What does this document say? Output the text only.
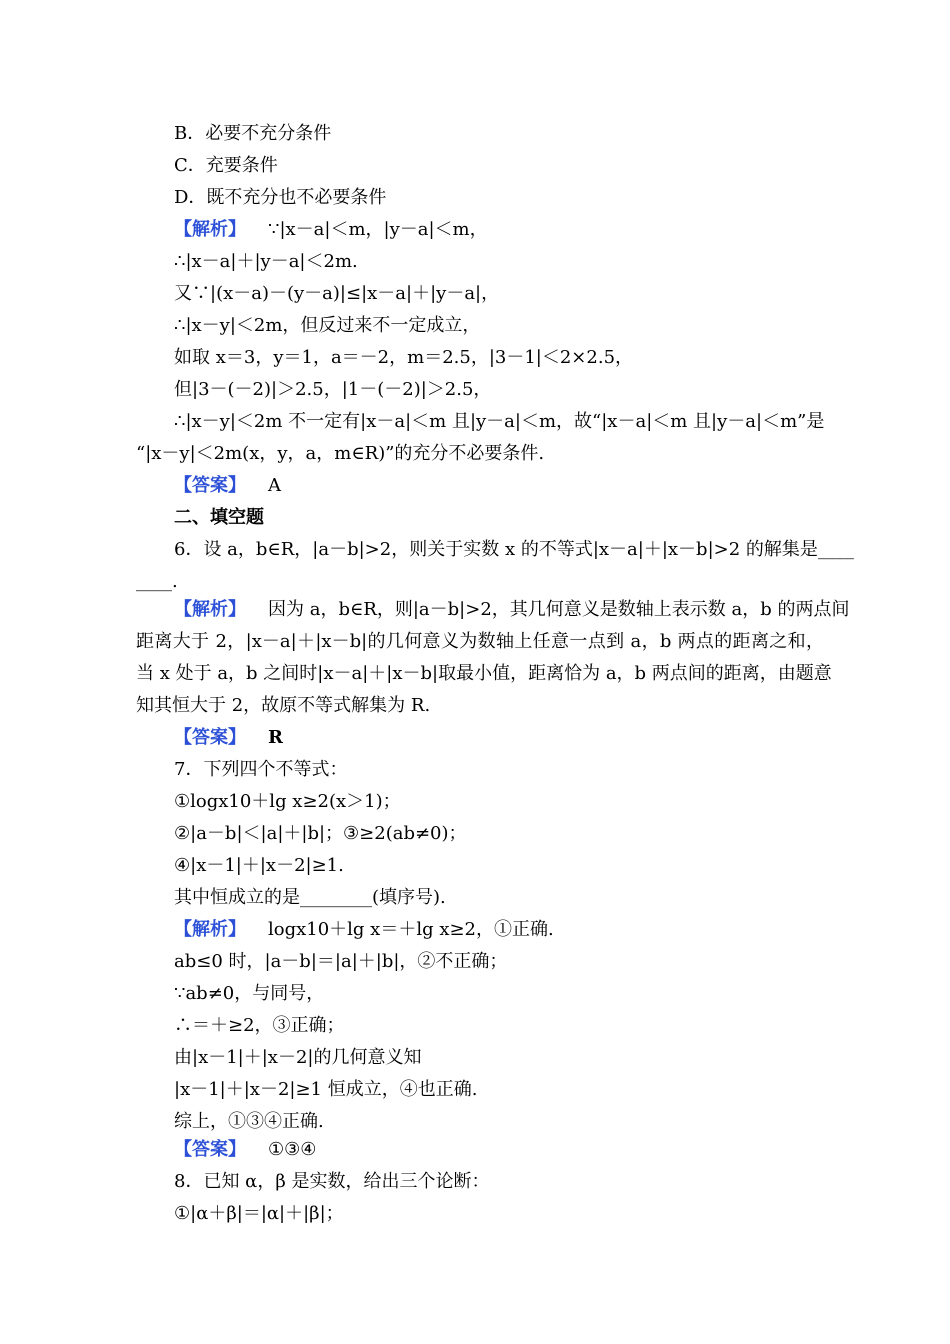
B．必要不充分条件
C．充要条件
D．既不充分也不必要条件
【解析】 ∵|x－a|＜m，|y－a|＜m，
∴|x－a|＋|y－a|＜2m.
又∵|(x－a)－(y－a)|≤|x－a|＋|y－a|，
∴|x－y|＜2m，但反过来不一定成立，
如取 x＝3，y＝1，a＝－2，m＝2.5，|3－1|＜2×2.5，
但|3－(－2)|＞2.5，|1－(－2)|＞2.5，
∴|x－y|＜2m 不一定有|x－a|＜m 且|y－a|＜m，故“|x－a|＜m 且|y－a|＜m”是
“|x－y|＜2m(x，y，a，m∈R)”的充分不必要条件.
【答案】 A
二、填空题
6．设 a，b∈R，|a－b|>2，则关于实数 x 的不等式|x－a|＋|x－b|>2 的解集是____
____.
【解析】 因为 a，b∈R，则|a－b|>2，其几何意义是数轴上表示数 a，b 的两点间
距离大于 2，|x－a|＋|x－b|的几何意义为数轴上任意一点到 a，b 两点的距离之和，
当 x 处于 a，b 之间时|x－a|＋|x－b|取最小值，距离恰为 a，b 两点间的距离，由题意
知其恒大于 2，故原不等式解集为 R.
【答案】 R
7．下列四个不等式：
①logx10＋lg x≥2(x＞1)；
②|a－b|＜|a|＋|b|；③≥2(ab≠0)；
④|x－1|＋|x－2|≥1.
其中恒成立的是________(填序号).
【解析】 logx10＋lg x＝＋lg x≥2，①正确.
ab≤0 时，|a－b|＝|a|＋|b|，②不正确；
∵ab≠0，与同号，
∴＝＋≥2，③正确；
由|x－1|＋|x－2|的几何意义知
|x－1|＋|x－2|≥1 恒成立，④也正确.
综上，①③④正确.
【答案】 ①③④
8．已知 α，β 是实数，给出三个论断：
①|α＋β|＝|α|＋|β|；
